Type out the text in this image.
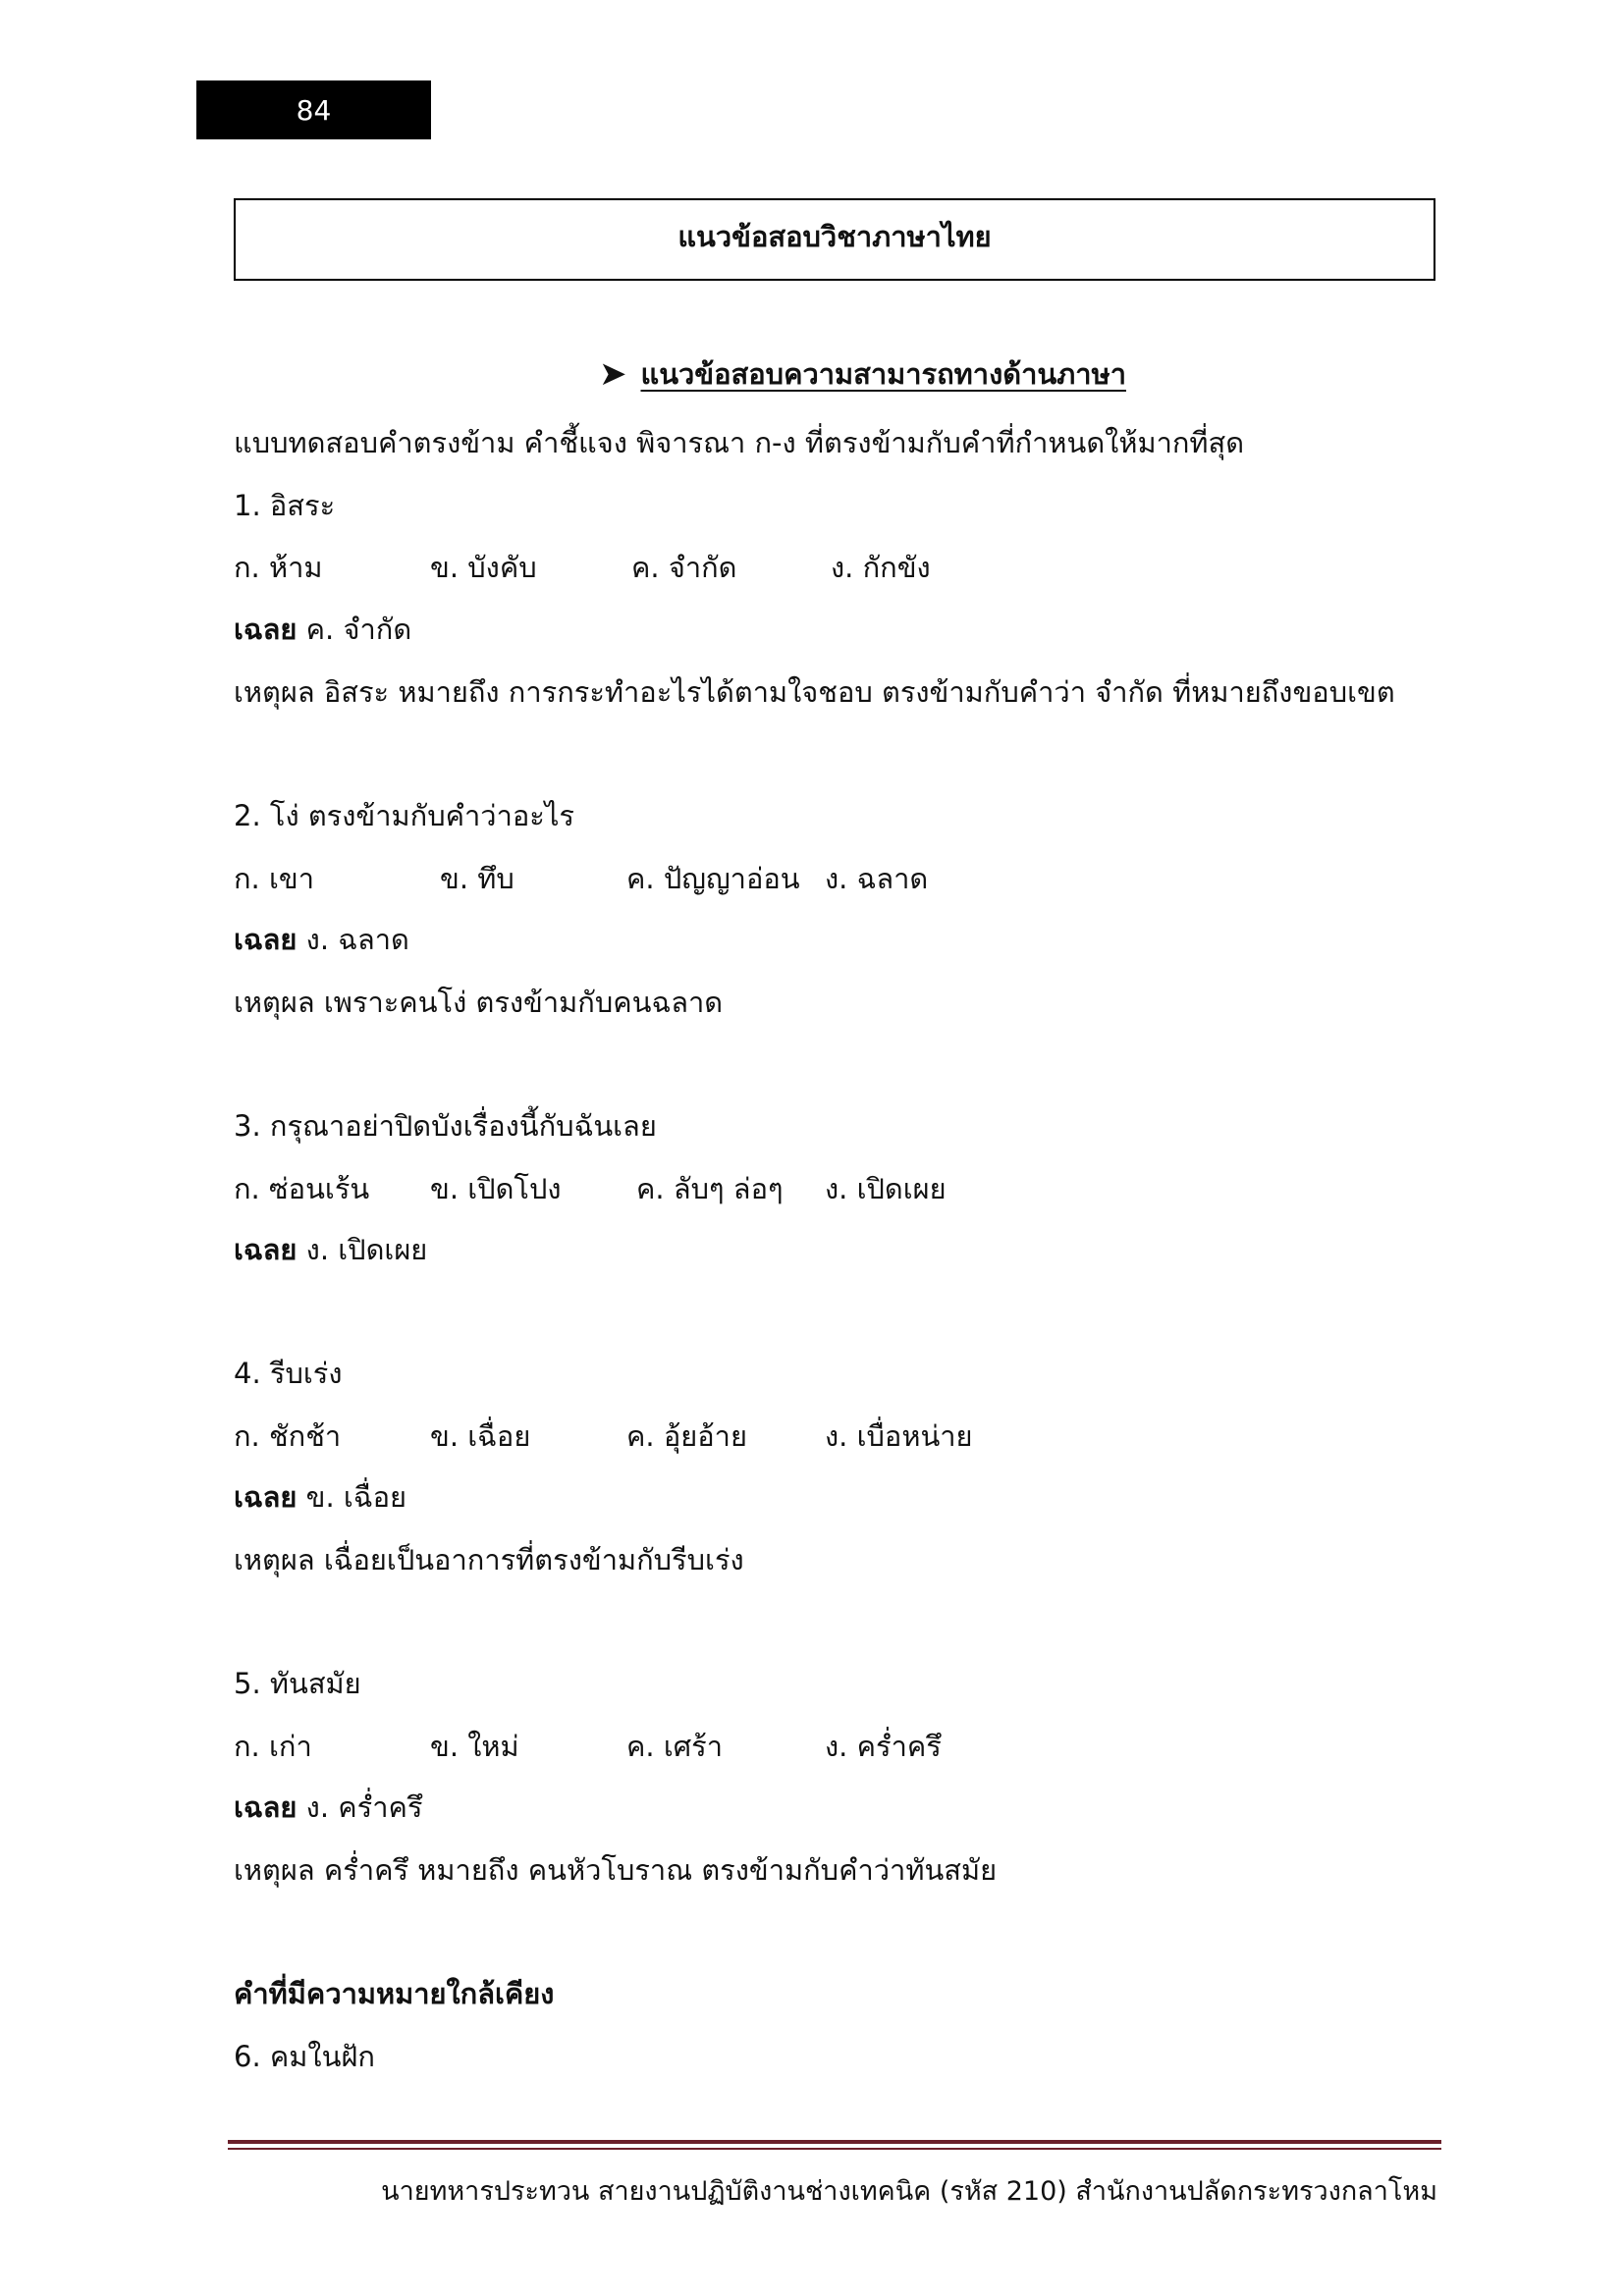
84
แนวข้อสอบวิชาภาษาไทย
➤ แนวข้อสอบความสามารถทางด้านภาษา
แบบทดสอบคำตรงข้าม คำชี้แจง พิจารณา ก-ง ที่ตรงข้ามกับคำที่กำหนดให้มากที่สุด
1. อิสระ
ก. ห้าม	ข. บังคับ	ค. จำกัด	ง. กักขัง
เฉลย ค. จำกัด
เหตุผล อิสระ หมายถึง การกระทำอะไรได้ตามใจชอบ ตรงข้ามกับคำว่า จำกัด ที่หมายถึงขอบเขต
2. โง่ ตรงข้ามกับคำว่าอะไร
ก. เขา	ข. ทึบ	ค. ปัญญาอ่อน ง. ฉลาด
เฉลย ง. ฉลาด
เหตุผล เพราะคนโง่ ตรงข้ามกับคนฉลาด
3. กรุณาอย่าปิดบังเรื่องนี้กับฉันเลย
ก. ซ่อนเร้น ข. เปิดโปง	ค. ลับๆ ล่อๆ ง. เปิดเผย
เฉลย ง. เปิดเผย
4. รีบเร่ง
ก. ชักช้า	ข. เฉื่อย	ค. อุ้ยอ้าย	ง. เบื่อหน่าย
เฉลย ข. เฉื่อย
เหตุผล เฉื่อยเป็นอาการที่ตรงข้ามกับรีบเร่ง
5. ทันสมัย
ก. เก่า	ข. ใหม่	ค. เศร้า	ง. คร่ำครึ
เฉลย ง. คร่ำครึ
เหตุผล คร่ำครึ หมายถึง คนหัวโบราณ ตรงข้ามกับคำว่าทันสมัย
คำที่มีความหมายใกล้เคียง
6. คมในฝัก
นายทหารประทวน สายงานปฏิบัติงานช่างเทคนิค (รหัส 210) สำนักงานปลัดกระทรวงกลาโหม
